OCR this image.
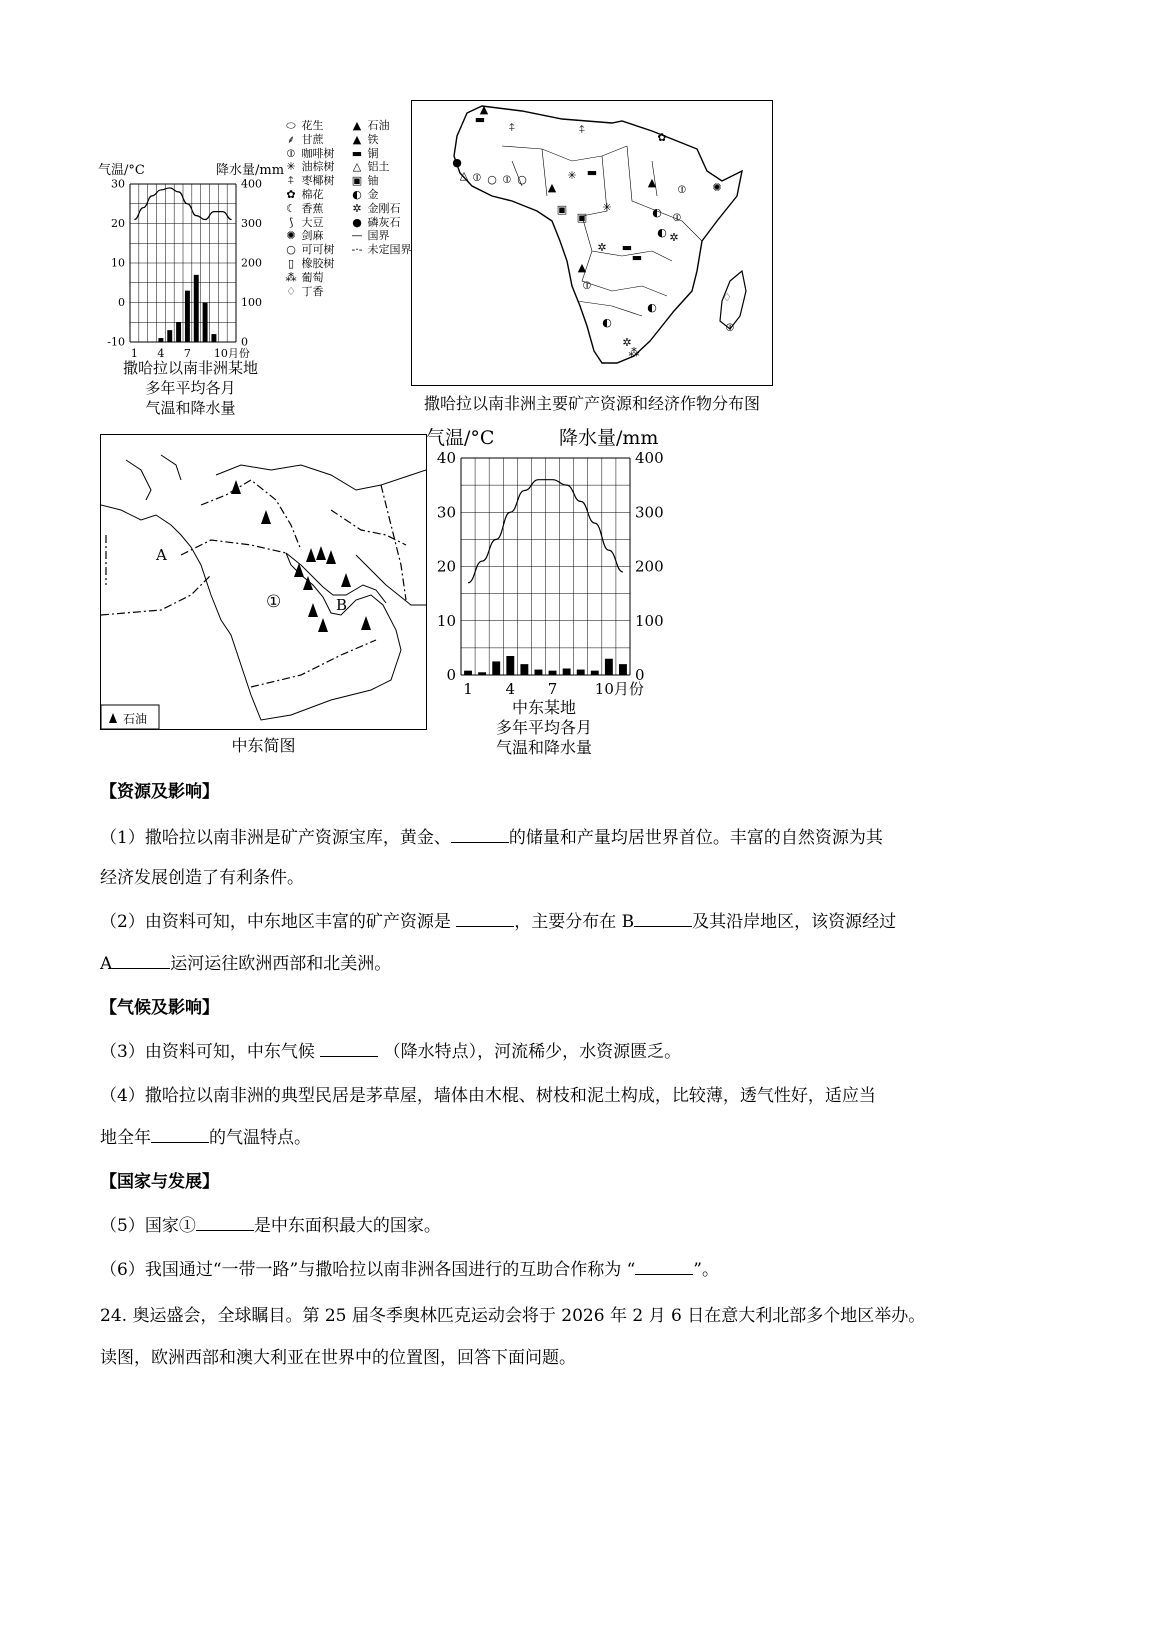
气温/°C	降水量/mm
30
20
10
0
-10
400
300
200
100
0
1 4 7 10月份
撒哈拉以南非洲某地
多年平均各月
气温和降水量
⬭ 花生
⸙ 甘蔗
⦶ 咖啡树
✳ 油棕树
⍏ 枣椰树
✿ 棉花
☾ 香蕉
⟆ 大豆
✺ 剑麻
○ 可可树
▯ 橡胶树
⁂ 葡萄
♢ 丁香
▲ 石油
▲ 铁
▬ 铜
△ 铝土
▣ 铀
◐ 金
✲ 金刚石
● 磷灰石
— 国界
-·- 未定国界
▲
▬
⍏	⍏
✿
●
△ ⦶ ○ ⦶ ○
▲
▣
✳ ▬
▲
⦶ ✺
◐ ⦶
✳
▣
▬
▬
✲
◐
▲
⦶
◐
◐
✲
⁂
♢
⦶
✲
撒哈拉以南非洲主要矿产资源和经济作物分布图
A
B
①
石油
中东简图
气温/°C	降水量/mm
40
30
20
10
0
400
300
200
100
0
1 4 7 10月份
中东某地
多年平均各月
气温和降水量
【资源及影响】
（1）撒哈拉以南非洲是矿产资源宝库，黄金、	的储量和产量均居世界首位。丰富的自然资源为其
经济发展创造了有利条件。
（2）由资料可知，中东地区丰富的矿产资源是	，主要分布在 B	及其沿岸地区，该资源经过
A	运河运往欧洲西部和北美洲。
【气候及影响】
（3）由资料可知，中东气候	（降水特点），河流稀少，水资源匮乏。
（4）撒哈拉以南非洲的典型民居是茅草屋，墙体由木棍、树枝和泥土构成，比较薄，透气性好，适应当
地全年	的气温特点。
【国家与发展】
（5）国家①	是中东面积最大的国家。
（6）我国通过“一带一路”与撒哈拉以南非洲各国进行的互助合作称为 “	”。
24. 奥运盛会，全球瞩目。第 25 届冬季奥林匹克运动会将于 2026 年 2 月 6 日在意大利北部多个地区举办。
读图，欧洲西部和澳大利亚在世界中的位置图，回答下面问题。
